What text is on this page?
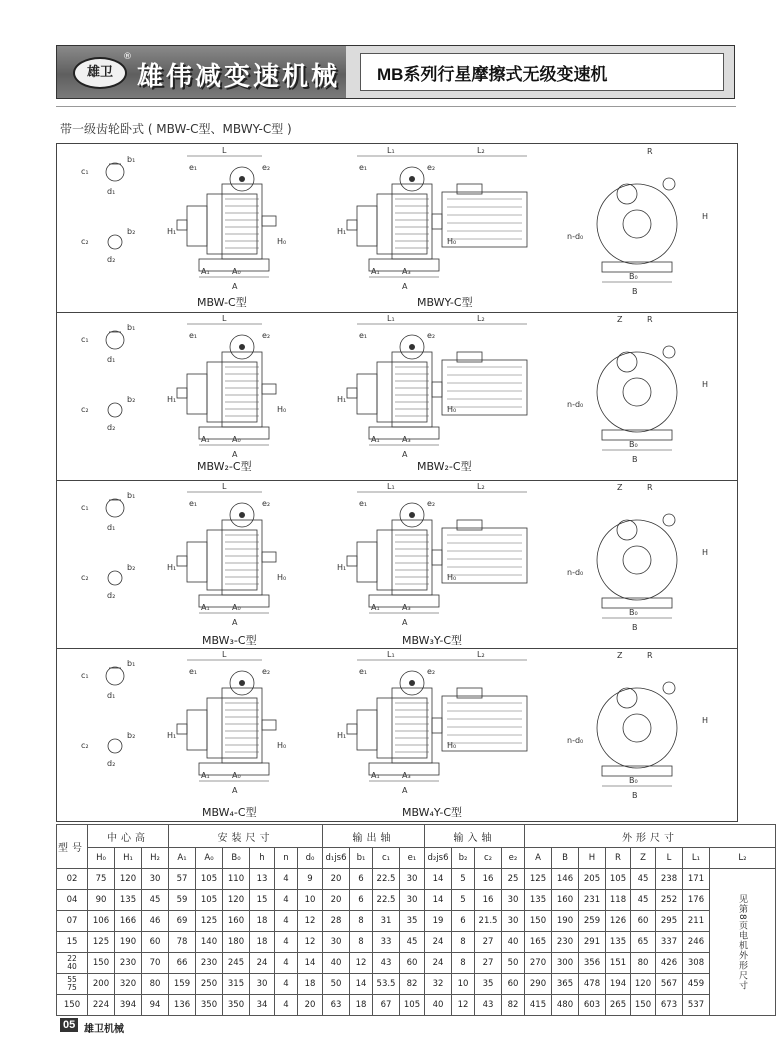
雄卫
®
雄伟减变速机械 MB系列行星摩擦式无级变速机
带一级齿轮卧式 ( MBW-C型、MBWY-C型 )
b₁
c₁
d₁
b₂
c₂
d₂
L
e₁	e₂
A₁	A₀
A
H₁
H₀
L₁	L₂
e₁	e₂
A₁	A₃
A
H₁
H₀
B₀
B
R
H
n-d₀
b₁
c₁
d₁
b₂
c₂
d₂
L
e₁	e₂
A₁	A₀
A
H₁
H₀
L₁	L₂
e₁	e₂
A₁	A₃
A
H₁
H₀
B₀
B
R
Z
H
n-d₀
b₁
c₁
d₁
b₂
c₂
d₂
L
e₁	e₂
A₁	A₀
A
H₁
H₀
L₁	L₂
e₁	e₂
A₁	A₃
A
H₁
H₀
B₀
B
R
Z
H
n-d₀
b₁
c₁
d₁
b₂
c₂
d₂
L
e₁	e₂
A₁	A₀
A
H₁
H₀
L₁	L₂
e₁	e₂
A₁	A₃
A
H₁
H₀
B₀
B
R
Z
H
n-d₀
MBW-C型	MBWY-C型
MBW₂-C型	MBW₂-C型
MBW₃-C型	MBW₃Y-C型
MBW₄-C型	MBW₄Y-C型
型号	中心高			安装尺寸						输出轴				输入轴				外形尺寸							
	H₀	H₁	H₂	A₁	A₀	B₀	h	n	d₀	d₁js6	b₁	c₁	e₁	d₂js6	b₂	c₂	e₂	A	B	H	R	Z	L	L₁	L₂
02	75	120	30	57	105	110	13	4	9	20	6	22.5	30	14	5	16	25	125	146	205	105	45	238	171	见第8页电机外形尺寸
04	90	135	45	59	105	120	15	4	10	20	6	22.5	30	14	5	16	30	135	160	231	118	45	252	176	
07	106	166	46	69	125	160	18	4	12	28	8	31	35	19	6	21.5	30	150	190	259	126	60	295	211	
15	125	190	60	78	140	180	18	4	12	30	8	33	45	24	8	27	40	165	230	291	135	65	337	246	
22
40	150	230	70	66	230	245	24	4	14	40	12	43	60	24	8	27	50	270	300	356	151	80	426	308	
55
75	200	320	80	159	250	315	30	4	18	50	14	53.5	82	32	10	35	60	290	365	478	194	120	567	459	
150	224	394	94	136	350	350	34	4	20	63	18	67	105	40	12	43	82	415	480	603	265	150	673	537	
05 雄卫机械
